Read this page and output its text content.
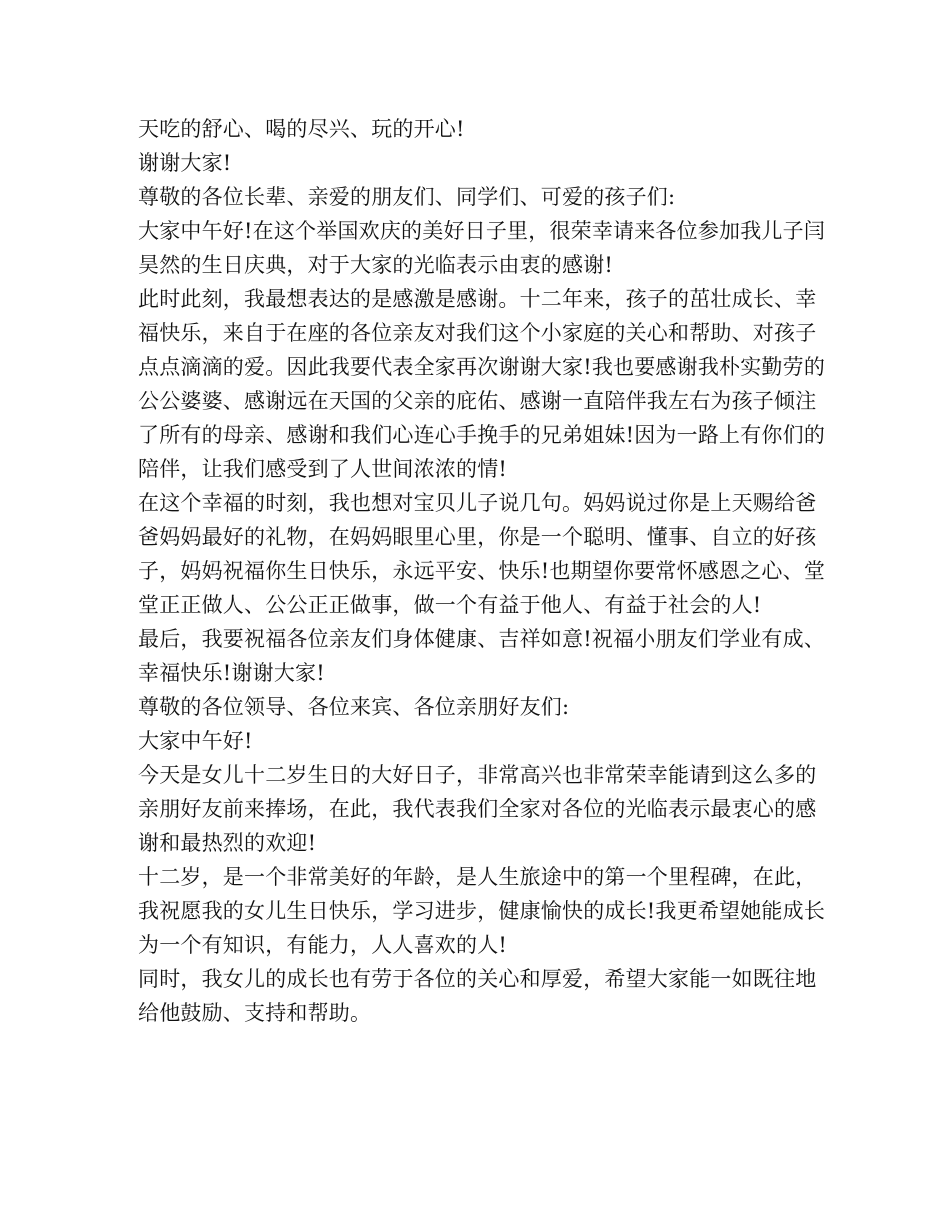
天吃的舒心、喝的尽兴、玩的开心!

谢谢大家!

尊敬的各位长辈、亲爱的朋友们、同学们、可爱的孩子们:

大家中午好!在这个举国欢庆的美好日子里，很荣幸请来各位参加我儿子闫昊然的生日庆典，对于大家的光临表示由衷的感谢!

此时此刻，我最想表达的是感激是感谢。十二年来，孩子的茁壮成长、幸福快乐，来自于在座的各位亲友对我们这个小家庭的关心和帮助、对孩子点点滴滴的爱。因此我要代表全家再次谢谢大家!我也要感谢我朴实勤劳的公公婆婆、感谢远在天国的父亲的庇佑、感谢一直陪伴我左右为孩子倾注了所有的母亲、感谢和我们心连心手挽手的兄弟姐妹!因为一路上有你们的陪伴，让我们感受到了人世间浓浓的情!

在这个幸福的时刻，我也想对宝贝儿子说几句。妈妈说过你是上天赐给爸爸妈妈最好的礼物，在妈妈眼里心里，你是一个聪明、懂事、自立的好孩子，妈妈祝福你生日快乐，永远平安、快乐!也期望你要常怀感恩之心、堂堂正正做人、公公正正做事，做一个有益于他人、有益于社会的人!

最后，我要祝福各位亲友们身体健康、吉祥如意!祝福小朋友们学业有成、幸福快乐!谢谢大家!

尊敬的各位领导、各位来宾、各位亲朋好友们:

大家中午好!

今天是女儿十二岁生日的大好日子，非常高兴也非常荣幸能请到这么多的亲朋好友前来捧场，在此，我代表我们全家对各位的光临表示最衷心的感谢和最热烈的欢迎!

十二岁，是一个非常美好的年龄，是人生旅途中的第一个里程碑，在此，我祝愿我的女儿生日快乐，学习进步，健康愉快的成长!我更希望她能成长为一个有知识，有能力，人人喜欢的人!

同时，我女儿的成长也有劳于各位的关心和厚爱，希望大家能一如既往地给他鼓励、支持和帮助。
